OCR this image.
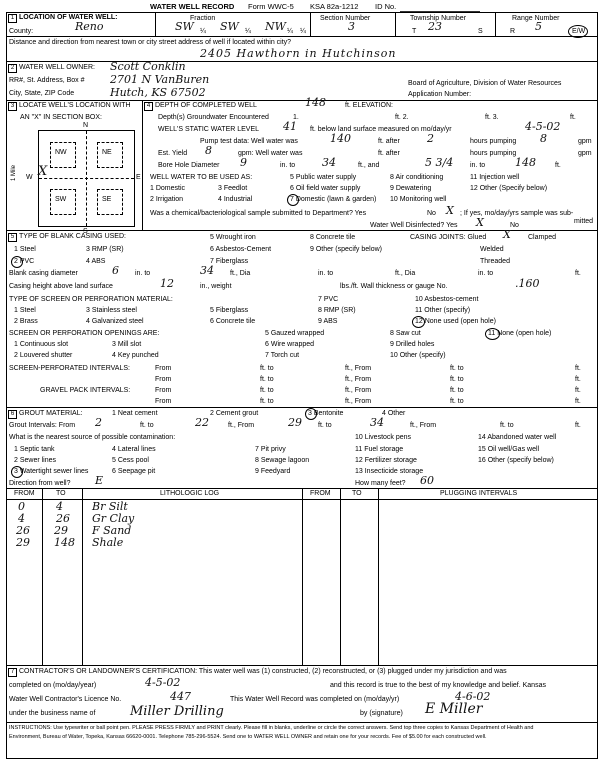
WATER WELL RECORD Form WWC-5 KSA 82a-1212 ID No.
1 LOCATION OF WATER WELL:	Fraction	Section Number	Township Number	Range Number
County:	Reno	SW ¼ SW ¼ NW ¼ ¼	3	T 23	S	R 5	E/W
Distance and direction from nearest town or city street address of well if located within city?
2405 Hawthorn in Hutchinson
2 WATER WELL OWNER: Scott Conklin
RR#, St. Address, Box # 2701 N VanBuren
City, State, ZIP Code	Hutch, KS 67502
Board of Agriculture, Division of Water Resources
Application Number:
3 LOCATE WELL'S LOCATION WITH
AN "X" IN SECTION BOX:
N
S
W	E
NW	NE
SW	SE
1 Mile X
4 DEPTH OF COMPLETED WELL	148	ft. ELEVATION:
Depth(s) Groundwater Encountered	1.	ft. 2.	ft. 3.	ft.
WELL'S STATIC WATER LEVEL 41 ft. below land surface measured on mo/day/yr	4-5-02
Pump test data: Well water was	140	ft. after 2	hours pumping 8	gpm
Est. Yield 8	gpm: Well water was	ft. after	hours pumping	gpm
Bore Hole Diameter 9	in. to 34	ft., and	5 3/4 in. to	148	ft.
WELL WATER TO BE USED AS:	5 Public water supply	8 Air conditioning	11 Injection well
1 Domestic	3 Feedlot	6 Oil field water supply	9 Dewatering	12 Other (Specify below)
2 Irrigation	4 Industrial	7 Domestic (lawn & garden) 10 Monitoring well
Was a chemical/bacteriological sample submitted to Department? Yes	No X ; If yes, mo/day/yrs sample was sub-
mitted
Water Well Disinfected? Yes X	No
5 TYPE OF BLANK CASING USED:	5 Wrought iron	8 Concrete tile	CASING JOINTS: Glued X Clamped
1 Steel	3 RMP (SR)	6 Asbestos-Cement	9 Other (specify below)	Welded
2 PVC	4 ABS	7 Fiberglass	Threaded
Blank casing diameter	6 in. to	34 ft., Dia	in. to	ft., Dia	in. to	ft.
Casing height above land surface	12	in., weight	lbs./ft. Wall thickness or gauge No.	.160
TYPE OF SCREEN OR PERFORATION MATERIAL:	7 PVC	10 Asbestos-cement
1 Steel	3 Stainless steel	5 Fiberglass	8 RMP (SR)	11 Other (specify)
2 Brass	4 Galvanized steel	6 Concrete tile	9 ABS	12 None used (open hole)
SCREEN OR PERFORATION OPENINGS ARE:	5 Gauzed wrapped	8 Saw cut	11 None (open hole)
1 Continuous slot	3 Mill slot	6 Wire wrapped	9 Drilled holes
2 Louvered shutter	4 Key punched	7 Torch cut	10 Other (specify)
SCREEN-PERFORATED INTERVALS:	From	ft. to	ft., From	ft. to	ft.
From	ft. to	ft., From	ft. to	ft.
GRAVEL PACK INTERVALS:	From	ft. to	ft., From	ft. to	ft.
From	ft. to	ft., From	ft. to	ft.
6 GROUT MATERIAL:	1 Neat cement	2 Cement grout	3 Bentonite	4 Other
Grout Intervals: From 2	ft. to	22	ft., From	29 ft. to	34	ft., From	ft. to	ft.
What is the nearest source of possible contamination:	10 Livestock pens	14 Abandoned water well
1 Septic tank	4 Lateral lines	7 Pit privy	11 Fuel storage	15 Oil well/Gas well
2 Sewer lines	5 Cess pool	8 Sewage lagoon	12 Fertilizer storage	16 Other (specify below)
3 Watertight sewer lines	6 Seepage pit	9 Feedyard	13 Insecticide storage
Direction from well? E	How many feet? 60
FROM	TO	LITHOLOGIC LOG	FROM	TO	PLUGGING INTERVALS
0	4	Br Silt
4	26 Gr Clay
26 29 F Sand
29 148 Shale
7 CONTRACTOR'S OR LANDOWNER'S CERTIFICATION: This water well was (1) constructed, (2) reconstructed, or (3) plugged under my jurisdiction and was
completed on (mo/day/year)	4-5-02	and this record is true to the best of my knowledge and belief. Kansas
Water Well Contractor's Licence No.	447	This Water Well Record was completed on (mo/day/yr)	4-6-02
under the business name of	Miller Drilling	by (signature) E Miller
INSTRUCTIONS: Use typewriter or ball point pen. PLEASE PRESS FIRMLY and PRINT clearly. Please fill in blanks, underline or circle the correct answers. Send top three copies to Kansas Department of Health and
Environment, Bureau of Water, Topeka, Kansas 66620-0001. Telephone 785-296-5524. Send one to WATER WELL OWNER and retain one for your records. Fee of $5.00 for each constructed well.
